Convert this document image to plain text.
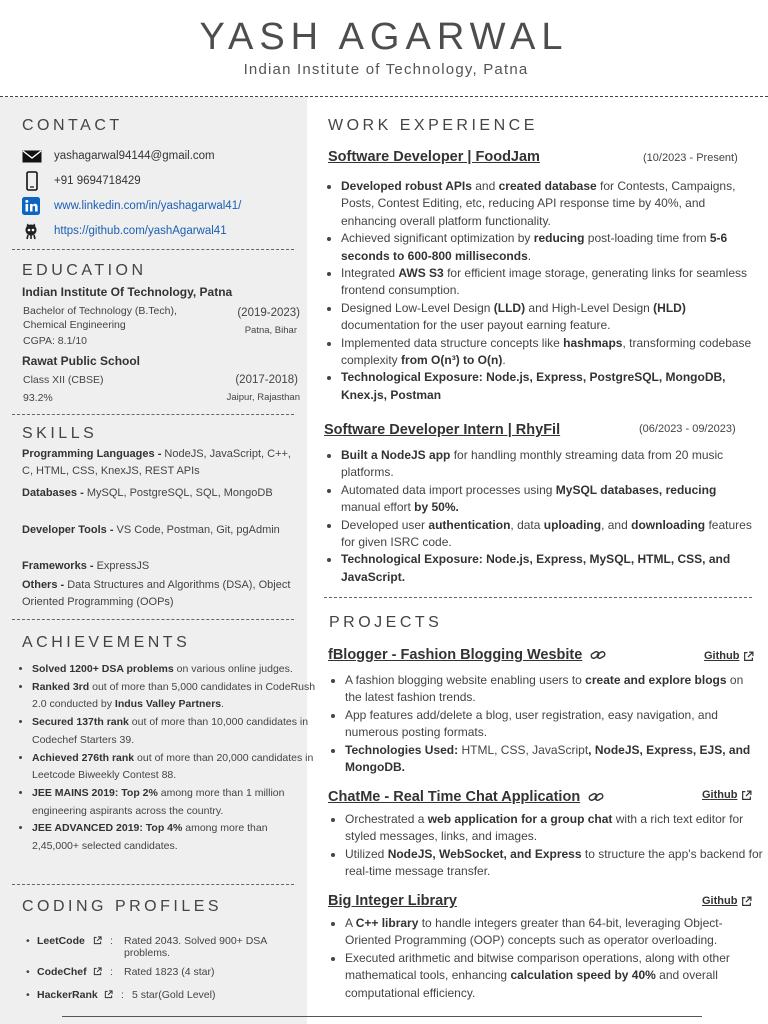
YASH AGARWAL
Indian Institute of Technology, Patna
CONTACT
yashagarwal94144@gmail.com
+91 9694718429
www.linkedin.com/in/yashagarwal41/
https://github.com/yashAgarwal41
EDUCATION
Indian Institute Of Technology, Patna
Bachelor of Technology (B.Tech),
Chemical Engineering
CGPA: 8.1/10
(2019-2023)
Patna, Bihar
Rawat Public School
Class XII (CBSE)
93.2%
(2017-2018)
Jaipur, Rajasthan
SKILLS
Programming Languages - NodeJS, JavaScript, C++, C, HTML, CSS, KnexJS, REST APIs
Databases - MySQL, PostgreSQL, SQL, MongoDB
Developer Tools - VS Code, Postman, Git, pgAdmin
Frameworks - ExpressJS
Others - Data Structures and Algorithms (DSA), Object Oriented Programming (OOPs)
ACHIEVEMENTS
• Solved 1200+ DSA problems on various online judges.
• Ranked 3rd out of more than 5,000 candidates in CodeRush 2.0 conducted by Indus Valley Partners.
• Secured 137th rank out of more than 10,000 candidates in Codechef Starters 39.
• Achieved 276th rank out of more than 20,000 candidates in Leetcode Biweekly Contest 88.
• JEE MAINS 2019: Top 2% among more than 1 million engineering aspirants across the country.
• JEE ADVANCED 2019: Top 4% among more than 2,45,000+ selected candidates.
CODING PROFILES
• LeetCode : Rated 2043. Solved 900+ DSA problems.
• CodeChef : Rated 1823 (4 star)
• HackerRank : 5 star(Gold Level)
WORK EXPERIENCE
Software Developer | FoodJam	(10/2023 - Present)
• Developed robust APIs and created database for Contests, Campaigns, Posts, Contest Editing, etc, reducing API response time by 40%, and enhancing overall platform functionality.
• Achieved significant optimization by reducing post-loading time from 5-6 seconds to 600-800 milliseconds.
• Integrated AWS S3 for efficient image storage, generating links for seamless frontend consumption.
• Designed Low-Level Design (LLD) and High-Level Design (HLD) documentation for the user payout earning feature.
• Implemented data structure concepts like hashmaps, transforming codebase complexity from O(n³) to O(n).
• Technological Exposure: Node.js, Express, PostgreSQL, MongoDB, Knex.js, Postman
Software Developer Intern | RhyFil	(06/2023 - 09/2023)
• Built a NodeJS app for handling monthly streaming data from 20 music platforms.
• Automated data import processes using MySQL databases, reducing manual effort by 50%.
• Developed user authentication, data uploading, and downloading features for given ISRC code.
• Technological Exposure: Node.js, Express, MySQL, HTML, CSS, and JavaScript.
PROJECTS
fBlogger - Fashion Blogging Wesbite	Github
• A fashion blogging website enabling users to create and explore blogs on the latest fashion trends.
• App features add/delete a blog, user registration, easy navigation, and numerous posting formats.
• Technologies Used: HTML, CSS, JavaScript, NodeJS, Express, EJS, and MongoDB.
ChatMe - Real Time Chat Application	Github
• Orchestrated a web application for a group chat with a rich text editor for styled messages, links, and images.
• Utilized NodeJS, WebSocket, and Express to structure the app's backend for real-time message transfer.
Big Integer Library	Github
• A C++ library to handle integers greater than 64-bit, leveraging Object-Oriented Programming (OOP) concepts such as operator overloading.
• Executed arithmetic and bitwise comparison operations, along with other mathematical tools, enhancing calculation speed by 40% and overall computational efficiency.
